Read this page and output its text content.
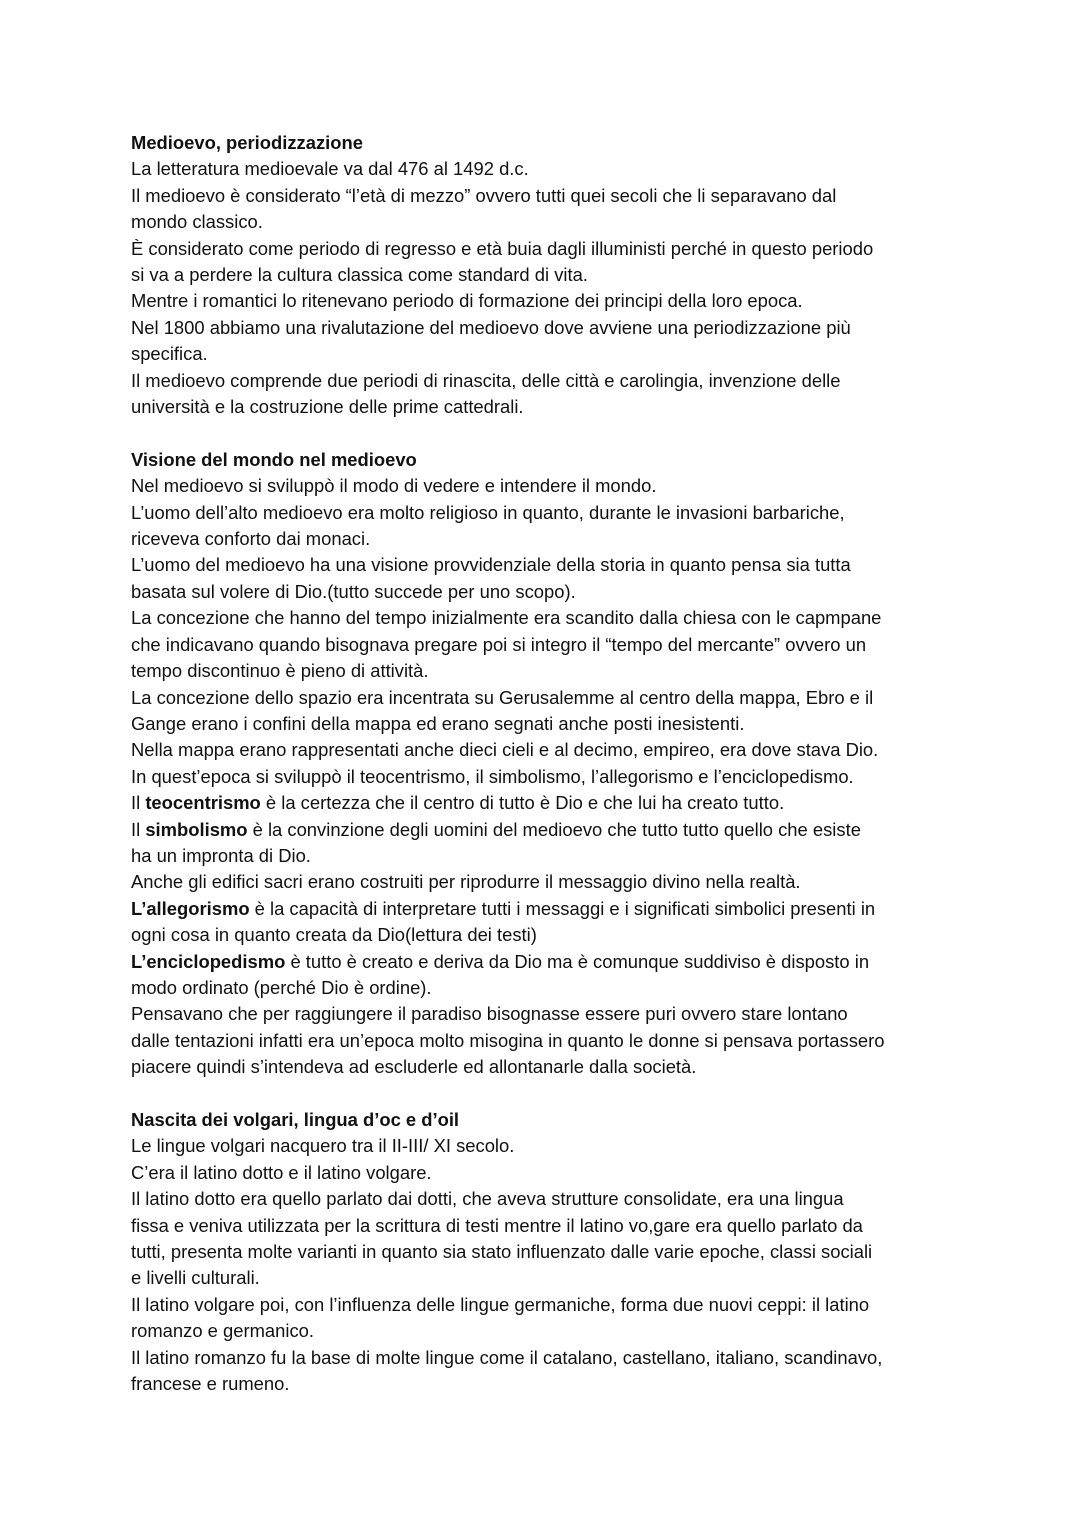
Medioevo, periodizzazione
La letteratura medioevale va dal 476 al 1492 d.c.
Il medioevo è considerato “l’età di mezzo” ovvero tutti quei secoli che li separavano dal
mondo classico.
È considerato come periodo di regresso e età buia dagli illuministi perché in questo periodo
si va a perdere la cultura classica come standard di vita.
Mentre i romantici lo ritenevano periodo di formazione dei principi della loro epoca.
Nel 1800 abbiamo una rivalutazione del medioevo dove avviene una periodizzazione più
specifica.
Il medioevo comprende due periodi di rinascita, delle città e carolingia, invenzione delle
università e la costruzione delle prime cattedrali.
Visione del mondo nel medioevo
Nel medioevo si sviluppò il modo di vedere e intendere il mondo.
L’uomo dell’alto medioevo era molto religioso in quanto, durante le invasioni barbariche,
riceveva conforto dai monaci.
L’uomo del medioevo ha una visione provvidenziale della storia in quanto pensa sia tutta
basata sul volere di Dio.(tutto succede per uno scopo).
La concezione che hanno del tempo inizialmente era scandito dalla chiesa con le capmpane
che indicavano quando bisognava pregare poi si integro il “tempo del mercante” ovvero un
tempo discontinuo è pieno di attività.
La concezione dello spazio era incentrata su Gerusalemme al centro della mappa, Ebro e il
Gange erano i confini della mappa ed erano segnati anche posti inesistenti.
Nella mappa erano rappresentati anche dieci cieli e al decimo, empireo, era dove stava Dio.
In quest’epoca si sviluppò il teocentrismo, il simbolismo, l’allegorismo e l’enciclopedismo.
Il teocentrismo è la certezza che il centro di tutto è Dio e che lui ha creato tutto.
Il simbolismo è la convinzione degli uomini del medioevo che tutto tutto quello che esiste
ha un impronta di Dio.
Anche gli edifici sacri erano costruiti per riprodurre il messaggio divino nella realtà.
L’allegorismo è la capacità di interpretare tutti i messaggi e i significati simbolici presenti in
ogni cosa in quanto creata da Dio(lettura dei testi)
L’enciclopedismo è tutto è creato e deriva da Dio ma è comunque suddiviso è disposto in
modo ordinato (perché Dio è ordine).
Pensavano che per raggiungere il paradiso bisognasse essere puri ovvero stare lontano
dalle tentazioni infatti era un’epoca molto misogina in quanto le donne si pensava portassero
piacere quindi s’intendeva ad escluderle ed allontanarle dalla società.
Nascita dei volgari, lingua d’oc e d’oil
Le lingue volgari nacquero tra il II-III/ XI secolo.
C’era il latino dotto e il latino volgare.
Il latino dotto era quello parlato dai dotti, che aveva strutture consolidate, era una lingua
fissa e veniva utilizzata per la scrittura di testi mentre il latino vo,gare era quello parlato da
tutti, presenta molte varianti in quanto sia stato influenzato dalle varie epoche, classi sociali
e livelli culturali.
Il latino volgare poi, con l’influenza delle lingue germaniche, forma due nuovi ceppi: il latino
romanzo e germanico.
Il latino romanzo fu la base di molte lingue come il catalano, castellano, italiano, scandinavo,
francese e rumeno.
